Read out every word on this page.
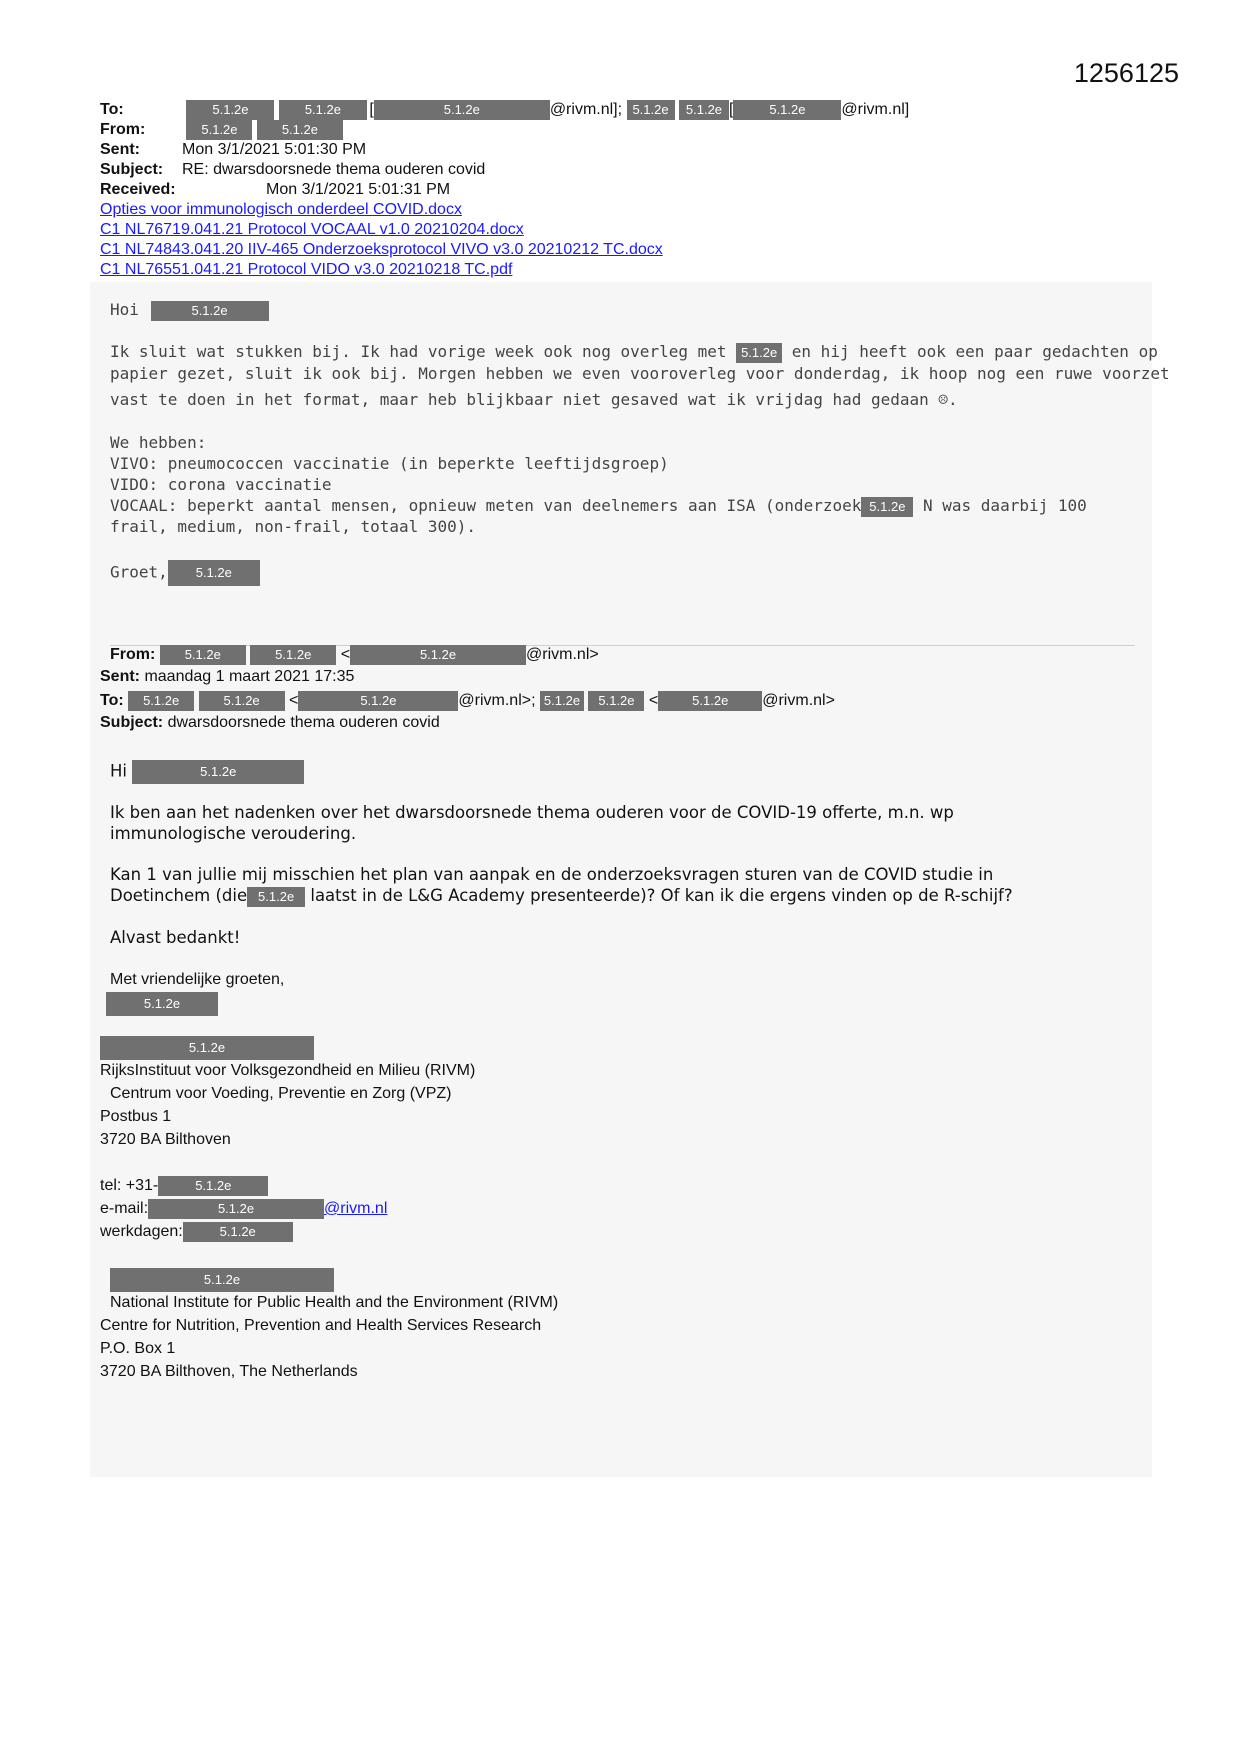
1256125
To:	5.1.2e	5.1.2e [	5.1.2e	@rivm.nl]; 5.1.2e 5.1.2e [	5.1.2e @rivm.nl]
From:	5.1.2e	5.1.2e
Sent:	Mon 3/1/2021 5:01:30 PM
Subject: RE: dwarsdoorsnede thema ouderen covid
Received:	Mon 3/1/2021 5:01:31 PM
Opties voor immunologisch onderdeel COVID.docx
C1 NL76719.041.21 Protocol VOCAAL v1.0 20210204.docx
C1 NL74843.041.20 IIV-465 Onderzoeksprotocol VIVO v3.0 20210212 TC.docx
C1 NL76551.041.21 Protocol VIDO v3.0 20210218 TC.pdf
Hoi	5.1.2e
Ik sluit wat stukken bij. Ik had vorige week ook nog overleg met 5.1.2e en hij heeft ook een paar gedachten op
papier gezet, sluit ik ook bij. Morgen hebben we even vooroverleg voor donderdag, ik hoop nog een ruwe voorzet
vast te doen in het format, maar heb blijkbaar niet gesaved wat ik vrijdag had gedaan ☹.
We hebben:
VIVO: pneumococcen vaccinatie (in beperkte leeftijdsgroep)
VIDO: corona vaccinatie
VOCAAL: beperkt aantal mensen, opnieuw meten van deelnemers aan ISA (onderzoek 5.1.2e N was daarbij 100
frail, medium, non-frail, totaal 300).
Groet, 5.1.2e
From: 5.1.2e	5.1.2e <	5.1.2e	@rivm.nl>
Sent: maandag 1 maart 2021 17:35
To: 5.1.2e	5.1.2e <	5.1.2e	@rivm.nl>; 5.1.2e 5.1.2e <	5.1.2e @rivm.nl>
Subject: dwarsdoorsnede thema ouderen covid
Hi	5.1.2e
Ik ben aan het nadenken over het dwarsdoorsnede thema ouderen voor de COVID-19 offerte, m.n. wp
immunologische veroudering.
Kan 1 van jullie mij misschien het plan van aanpak en de onderzoeksvragen sturen van de COVID studie in
Doetinchem (die 5.1.2e laatst in de L&G Academy presenteerde)? Of kan ik die ergens vinden op de R-schijf?
Alvast bedankt!
Met vriendelijke groeten,
5.1.2e
5.1.2e
RijksInstituut voor Volksgezondheid en Milieu (RIVM)
Centrum voor Voeding, Preventie en Zorg (VPZ)
Postbus 1
3720 BA Bilthoven
tel: +31-	5.1.2e
e-mail:	5.1.2e	@rivm.nl
werkdagen:	5.1.2e
5.1.2e
National Institute for Public Health and the Environment (RIVM)
Centre for Nutrition, Prevention and Health Services Research
P.O. Box 1
3720 BA Bilthoven, The Netherlands
